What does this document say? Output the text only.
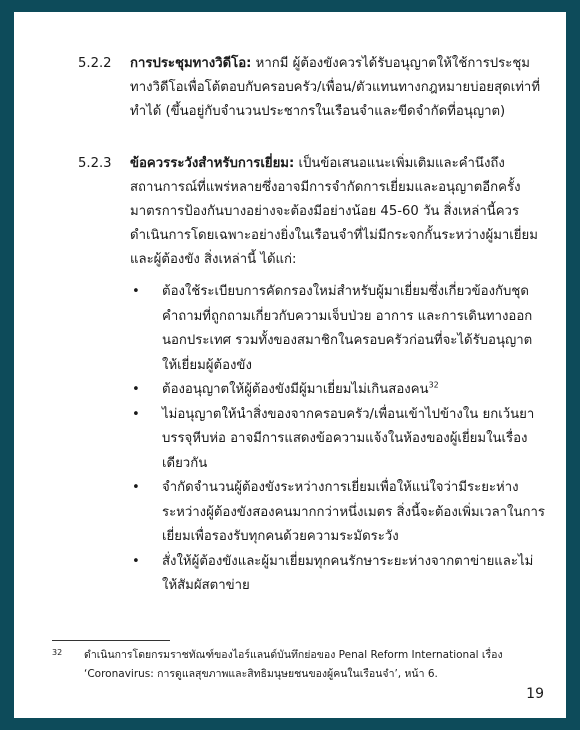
5.2.2	การประชุมทางวิดีโอ: หากมี ผู้ต้องขังควรได้รับอนุญาตให้ใช้การประชุมทางวิดีโอเพื่อโต้ตอบกับครอบครัว/เพื่อน/ตัวแทนทางกฎหมายบ่อยสุดเท่าที่ทำได้ (ขึ้นอยู่กับจำนวนประชากรในเรือนจำและขีดจำกัดที่อนุญาต)
5.2.3	ข้อควรระวังสำหรับการเยี่ยม: เป็นข้อเสนอแนะเพิ่มเติมและคำนึงถึงสถานการณ์ที่แพร่หลายซึ่งอาจมีการจำกัดการเยี่ยมและอนุญาตอีกครั้ง มาตรการป้องกันบางอย่างจะต้องมีอย่างน้อย 45-60 วัน สิ่งเหล่านี้ควรดำเนินการโดยเฉพาะอย่างยิ่งในเรือนจำที่ไม่มีกระจกกั้นระหว่างผู้มาเยี่ยมและผู้ต้องขัง สิ่งเหล่านี้ ได้แก่:
•	ต้องใช้ระเบียบการคัดกรองใหม่สำหรับผู้มาเยี่ยมซึ่งเกี่ยวข้องกับชุดคำถามที่ถูกถามเกี่ยวกับความเจ็บป่วย อาการ และการเดินทางออกนอกประเทศ รวมทั้งของสมาชิกในครอบครัวก่อนที่จะได้รับอนุญาตให้เยี่ยมผู้ต้องขัง
•	ต้องอนุญาตให้ผู้ต้องขังมีผู้มาเยี่ยมไม่เกินสองคน$^{32}$
•	ไม่อนุญาตให้นำสิ่งของจากครอบครัว/เพื่อนเข้าไปข้างใน ยกเว้นยาบรรจุหีบห่อ อาจมีการแสดงข้อความแจ้งในห้องของผู้เยี่ยมในเรื่องเดียวกัน
•	จำกัดจำนวนผู้ต้องขังระหว่างการเยี่ยมเพื่อให้แน่ใจว่ามีระยะห่างระหว่างผู้ต้องขังสองคนมากกว่าหนึ่งเมตร สิ่งนี้จะต้องเพิ่มเวลาในการเยี่ยมเพื่อรองรับทุกคนด้วยความระมัดระวัง
•	สั่งให้ผู้ต้องขังและผู้มาเยี่ยมทุกคนรักษาระยะห่างจากตาข่ายและไม่ให้สัมผัสตาข่าย
32 ดำเนินการโดยกรมราชทัณฑ์ของไอร์แลนด์บันทึกย่อของ Penal Reform International เรื่อง ‘Coronavirus: การดูแลสุขภาพและสิทธิมนุษยชนของผู้คนในเรือนจำ’, หน้า 6.
19
